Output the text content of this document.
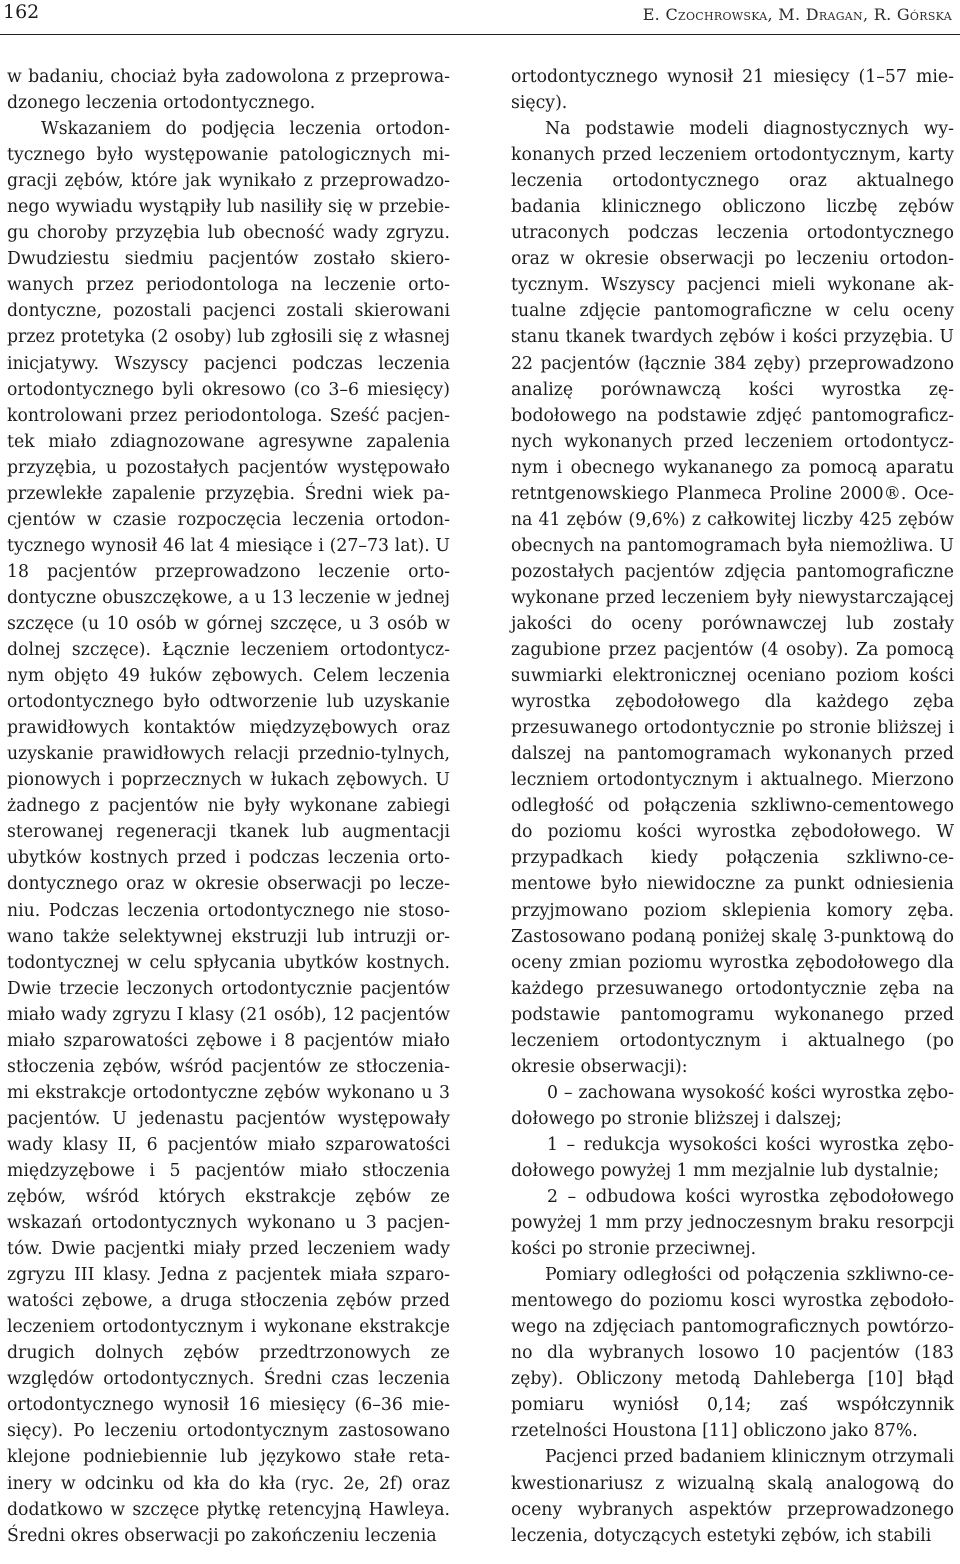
162	E. Czochrowska, M. Dragan, R. Górska

w badaniu, chociaż była zadowolona z przeprowadzonego leczenia ortodontycznego.

Wskazaniem do podjęcia leczenia ortodontycznego było występowanie patologicznych migracji zębów, które jak wynikało z przeprowadzonego wywiadu wystąpiły lub nasiliły się w przebiegu choroby przyzębia lub obecność wady zgryzu. Dwudziestu siedmiu pacjentów zostało skierowanych przez periodontologa na leczenie ortodontyczne, pozostali pacjenci zostali skierowani przez protetyka (2 osoby) lub zgłosili się z własnej inicjatywy. Wszyscy pacjenci podczas leczenia ortodontycznego byli okresowo (co 3–6 miesięcy) kontrolowani przez periodontologa. Sześć pacjentek miało zdiagnozowane agresywne zapalenia przyzębia, u pozostałych pacjentów występowało przewlekłe zapalenie przyzębia. Średni wiek pacjentów w czasie rozpoczęcia leczenia ortodontycznego wynosił 46 lat 4 miesiące i (27–73 lat). U 18 pacjentów przeprowadzono leczenie ortodontyczne obuszczękowe, a u 13 leczenie w jednej szczęce (u 10 osób w górnej szczęce, u 3 osób w dolnej szczęce). Łącznie leczeniem ortodontycznym objęto 49 łuków zębowych. Celem leczenia ortodontycznego było odtworzenie lub uzyskanie prawidłowych kontaktów międzyzębowych oraz uzyskanie prawidłowych relacji przednio-tylnych, pionowych i poprzecznych w łukach zębowych. U żadnego z pacjentów nie były wykonane zabiegi sterowanej regeneracji tkanek lub augmentacji ubytków kostnych przed i podczas leczenia ortodontycznego oraz w okresie obserwacji po leczeniu. Podczas leczenia ortodontycznego nie stosowano także selektywnej ekstruzji lub intruzji ortodontycznej w celu spłycania ubytków kostnych. Dwie trzecie leczonych ortodontycznie pacjentów miało wady zgryzu I klasy (21 osób), 12 pacjentów miało szparowatości zębowe i 8 pacjentów miało stłoczenia zębów, wśród pacjentów ze stłoczeniami ekstrakcje ortodontyczne zębów wykonano u 3 pacjentów. U jedenastu pacjentów występowały wady klasy II, 6 pacjentów miało szparowatości międzyzębowe i 5 pacjentów miało stłoczenia zębów, wśród których ekstrakcje zębów ze wskazań ortodontycznych wykonano u 3 pacjentów. Dwie pacjentki miały przed leczeniem wady zgryzu III klasy. Jedna z pacjentek miała szparowatości zębowe, a druga stłoczenia zębów przed leczeniem ortodontycznym i wykonane ekstrakcje drugich dolnych zębów przedtrzonowych ze względów ortodontycznych. Średni czas leczenia ortodontycznego wynosił 16 miesięcy (6–36 miesięcy). Po leczeniu ortodontycznym zastosowano klejone podniebiennie lub językowo stałe retainery w odcinku od kła do kła (ryc. 2e, 2f) oraz dodatkowo w szczęce płytkę retencyjną Hawleya. Średni okres obserwacji po zakończeniu leczenia

ortodontycznego wynosił 21 miesięcy (1–57 miesięcy).

Na podstawie modeli diagnostycznych wykonanych przed leczeniem ortodontycznym, karty leczenia ortodontycznego oraz aktualnego badania klinicznego obliczono liczbę zębów utraconych podczas leczenia ortodontycznego oraz w okresie obserwacji po leczeniu ortodontycznym. Wszyscy pacjenci mieli wykonane aktualne zdjęcie pantomograficzne w celu oceny stanu tkanek twardych zębów i kości przyzębia. U 22 pacjentów (łącznie 384 zęby) przeprowadzono analizę porównawczą kości wyrostka zębodołowego na podstawie zdjęć pantomograficznych wykonanych przed leczeniem ortodontycznym i obecnego wykananego za pomocą aparatu retntgenowskiego Planmeca Proline 2000®. Ocena 41 zębów (9,6%) z całkowitej liczby 425 zębów obecnych na pantomogramach była niemożliwa. U pozostałych pacjentów zdjęcia pantomograficzne wykonane przed leczeniem były niewystarczającej jakości do oceny porównawczej lub zostały zagubione przez pacjentów (4 osoby). Za pomocą suwmiarki elektronicznej oceniano poziom kości wyrostka zębodołowego dla każdego zęba przesuwanego ortodontycznie po stronie bliższej i dalszej na pantomogramach wykonanych przed leczniem ortodontycznym i aktualnego. Mierzono odległość od połączenia szkliwno-cementowego do poziomu kości wyrostka zębodołowego. W przypadkach kiedy połączenia szkliwno-cementowe było niewidoczne za punkt odniesienia przyjmowano poziom sklepienia komory zęba. Zastosowano podaną poniżej skalę 3-punktową do oceny zmian poziomu wyrostka zębodołowego dla każdego przesuwanego ortodontycznie zęba na podstawie pantomogramu wykonanego przed leczeniem ortodontycznym i aktualnego (po okresie obserwacji):

0 – zachowana wysokość kości wyrostka zębodołowego po stronie bliższej i dalszej;

1 – redukcja wysokości kości wyrostka zębodołowego powyżej 1 mm mezjalnie lub dystalnie;

2 – odbudowa kości wyrostka zębodołowego powyżej 1 mm przy jednoczesnym braku resorpcji kości po stronie przeciwnej.

Pomiary odległości od połączenia szkliwno-cementowego do poziomu kosci wyrostka zębodołowego na zdjęciach pantomograficznych powtórzono dla wybranych losowo 10 pacjentów (183 zęby). Obliczony metodą Dahleberga [10] błąd pomiaru wyniósł 0,14; zaś współczynnik rzetelności Houstona [11] obliczono jako 87%.

Pacjenci przed badaniem klinicznym otrzymali kwestionariusz z wizualną skalą analogową do oceny wybranych aspektów przeprowadzonego leczenia, dotyczących estetyki zębów, ich stabili
